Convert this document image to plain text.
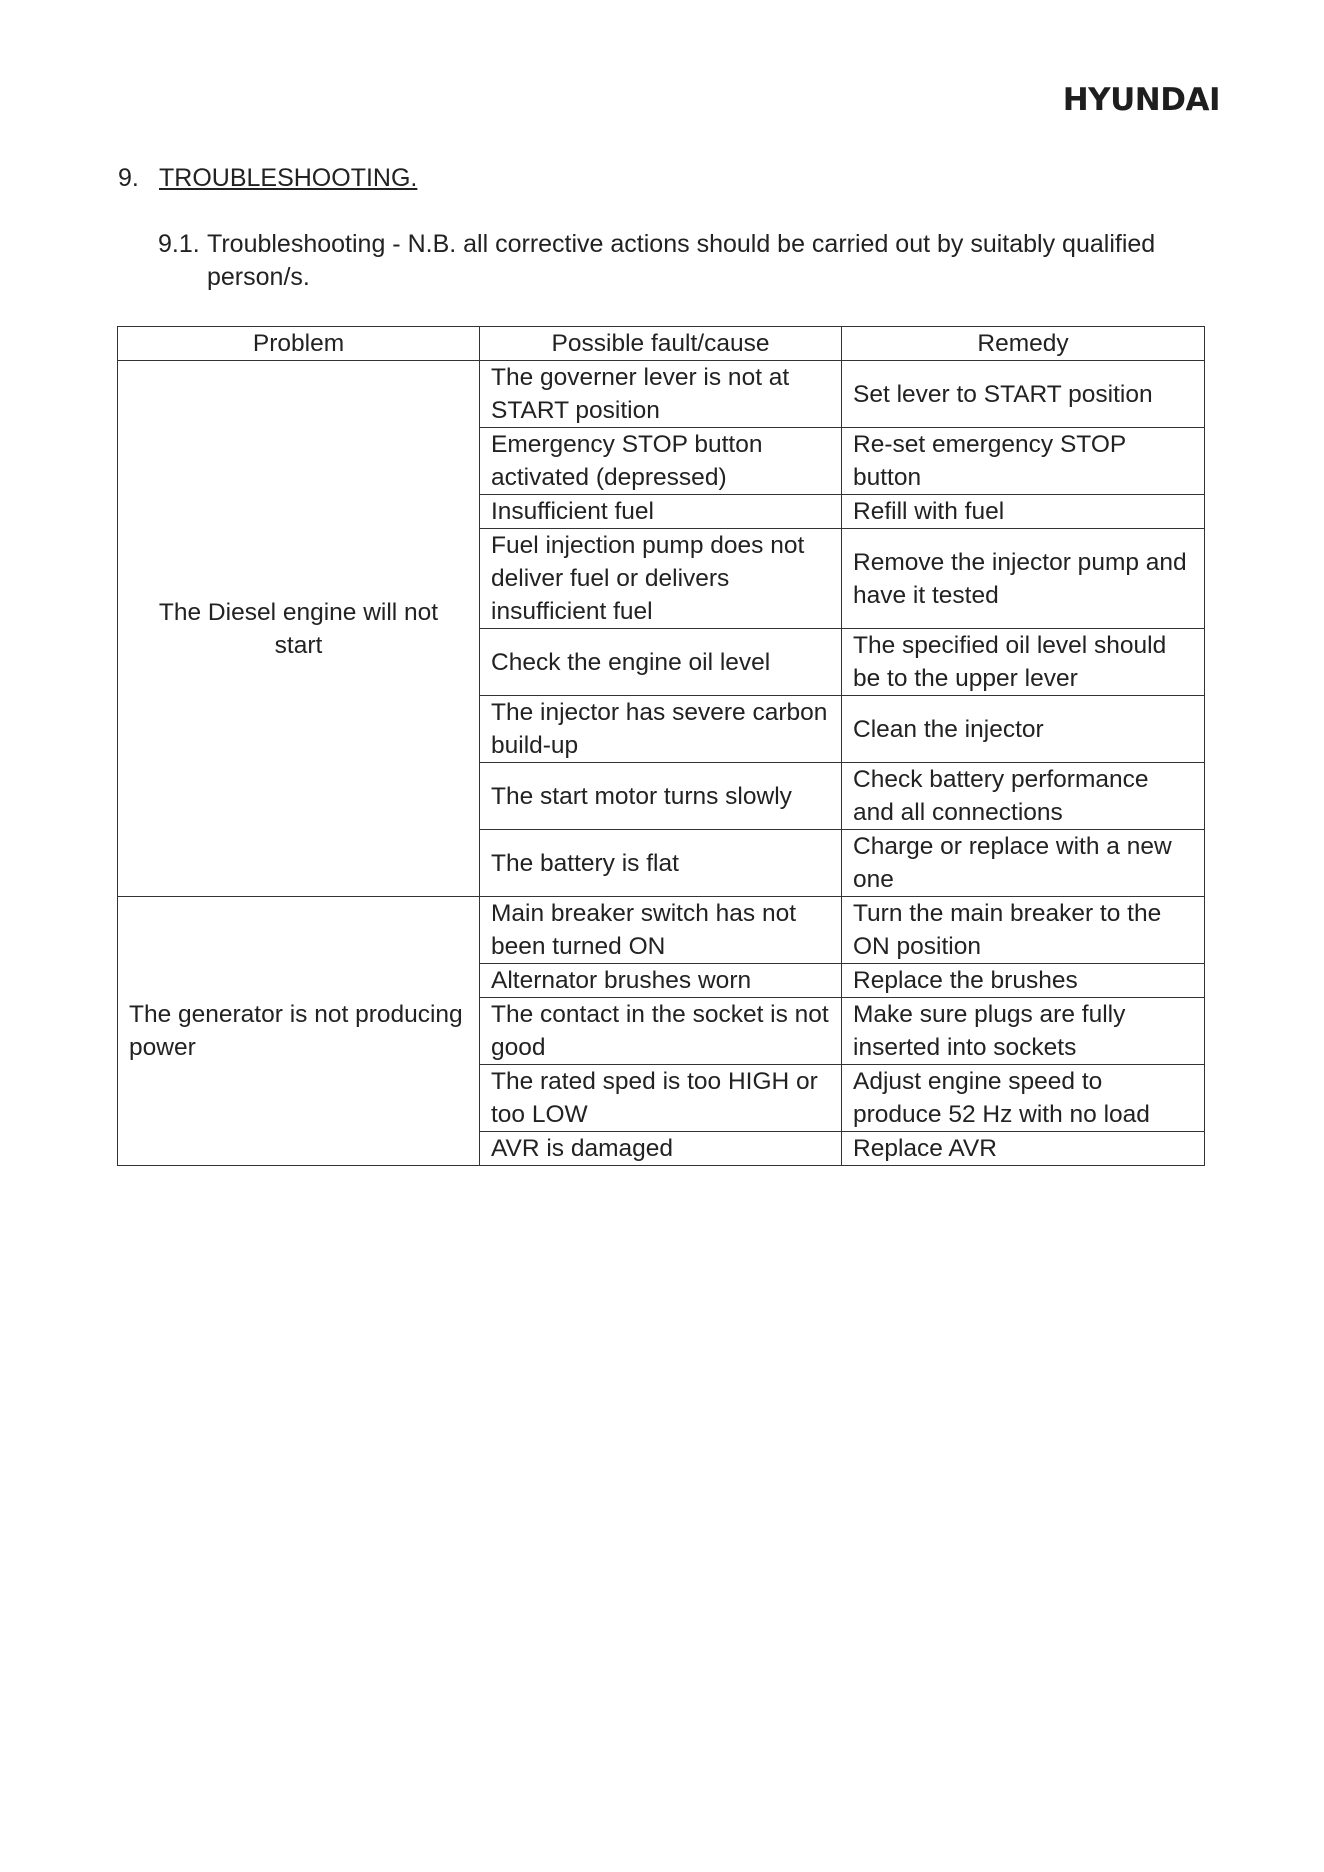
HYUNDAI
9. TROUBLESHOOTING.
9.1. Troubleshooting - N.B. all corrective actions should be carried out by suitably qualified person/s.
Problem	Possible fault/cause	Remedy
The Diesel engine will not start	The governer lever is not at START position	Set lever to START position
	Emergency STOP button activated (depressed)	Re-set emergency STOP button
	Insufficient fuel	Refill with fuel
	Fuel injection pump does not deliver fuel or delivers insufficient fuel	Remove the injector pump and have it tested
	Check the engine oil level	The specified oil level should be to the upper lever
	The injector has severe carbon build-up	Clean the injector
	The start motor turns slowly	Check battery performance and all connections
	The battery is flat	Charge or replace with a new one
The generator is not producing power	Main breaker switch has not been turned ON	Turn the main breaker to the ON position
	Alternator brushes worn	Replace the brushes
	The contact in the socket is not good	Make sure plugs are fully inserted into sockets
	The rated sped is too HIGH or too LOW	Adjust engine speed to produce 52 Hz with no load
	AVR is damaged	Replace AVR
